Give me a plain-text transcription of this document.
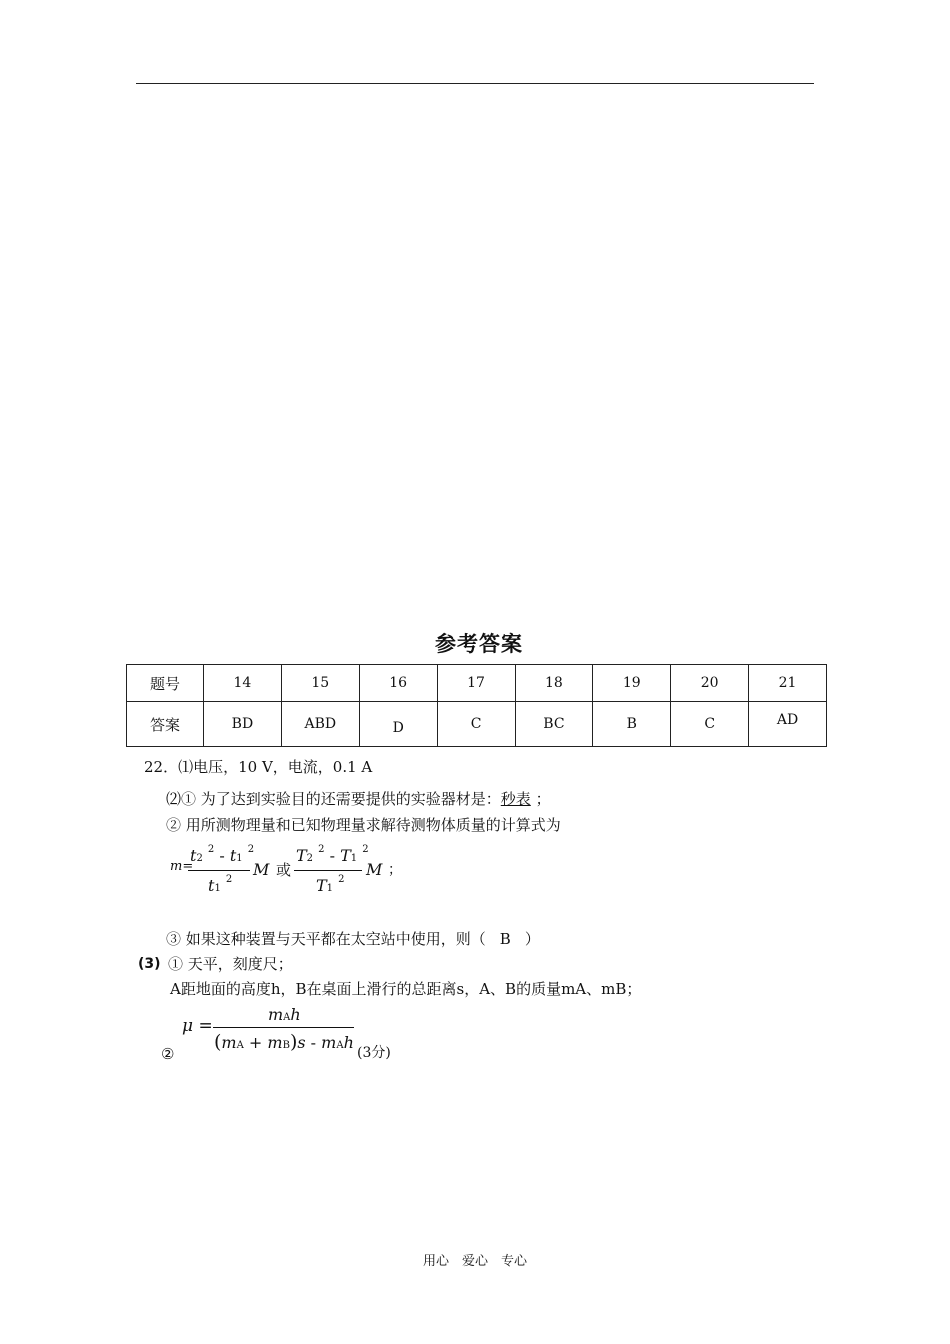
参考答案
题号	14	15	16	17	18	19	20	21
答案	BD	ABD	D	C	BC	B	C	AD
22．⑴电压，10 V，电流，0.1 A
⑵① 为了达到实验目的还需要提供的实验器材是：秒表 ；
② 用所测物理量和已知物理量求解待测物体质量的计算式为
m=
t2 $^2$ - t1 $^2$
t1 $^2$
M 或
T2 $^2$ - T1 $^2$
T1 $^2$
M ；
③ 如果这种装置与天平都在太空站中使用，则（ B ）
(3) ① 天平，刻度尺；
A距地面的高度h，B在桌面上滑行的总距离s，A、B的质量mA、mB；
μ =
mAh
(mA + mB)s - mAh
②	(3分)
用心　爱心　专心
